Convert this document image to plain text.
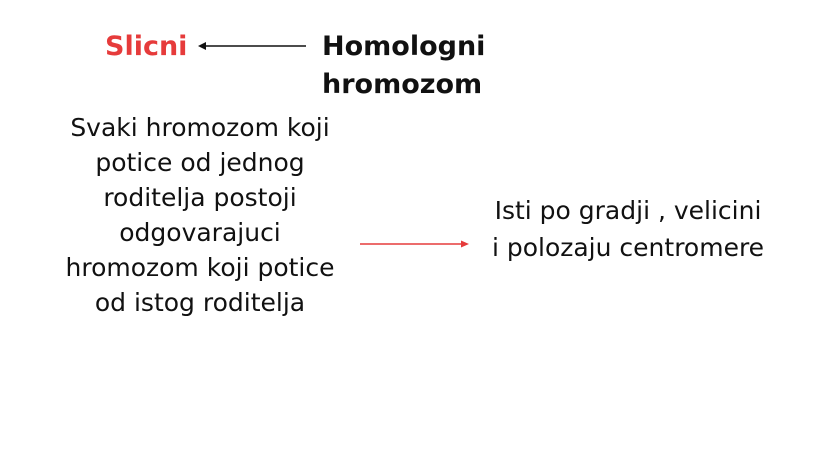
Slicni	Homologni hromozom
Svaki hromozom koji potice od jednog roditelja postoji odgovarajuci hromozom koji potice od istog roditelja
Isti po gradji , velicini i polozaju centromere
